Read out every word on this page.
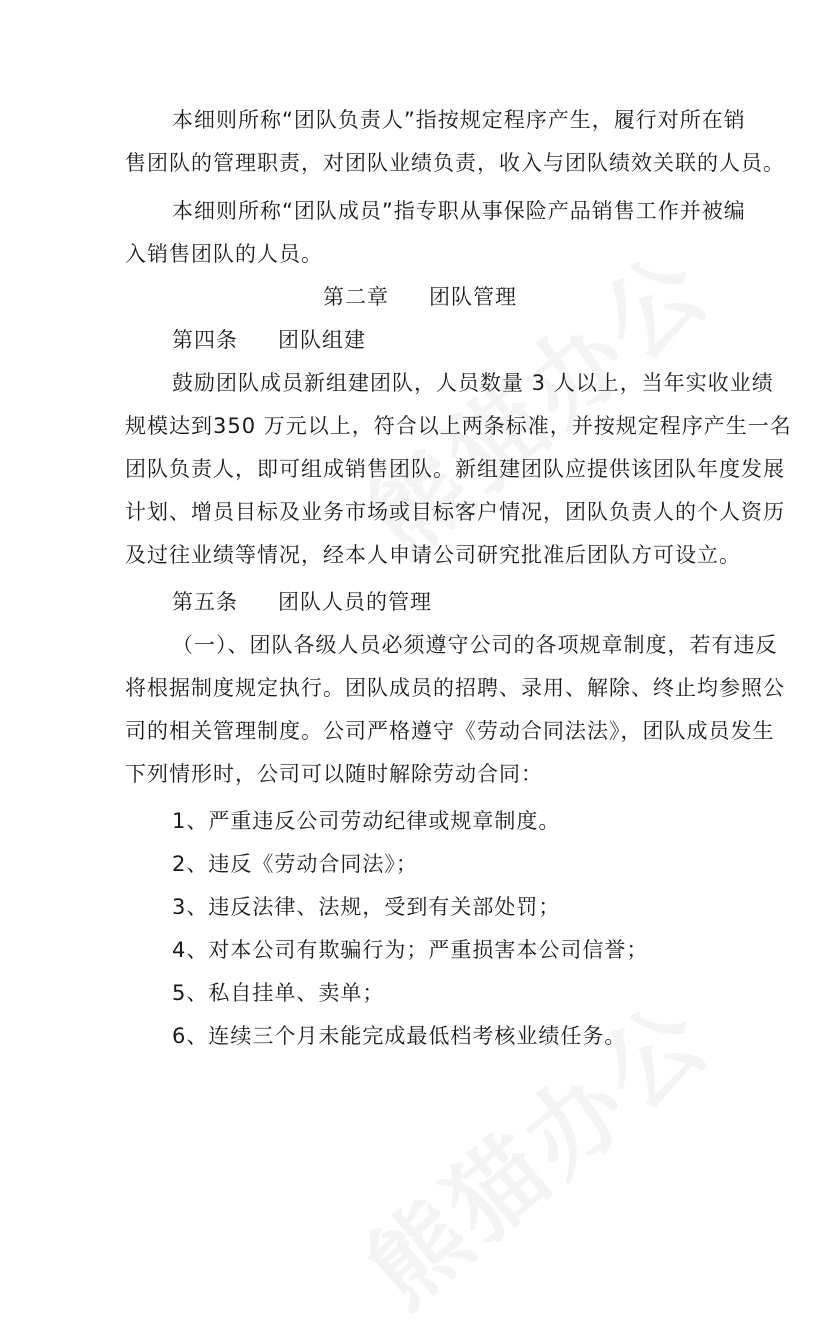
本细则所称“团队负责人”指按规定程序产生，履行对所在销
售团队的管理职责，对团队业绩负责，收入与团队绩效关联的人员。
本细则所称“团队成员”指专职从事保险产品销售工作并被编
入销售团队的人员。
第二章 团队管理
第四条 团队组建
鼓励团队成员新组建团队，人员数量 3 人以上，当年实收业绩
规模达到350 万元以上，符合以上两条标准，并按规定程序产生一名
团队负责人，即可组成销售团队。新组建团队应提供该团队年度发展
计划、增员目标及业务市场或目标客户情况，团队负责人的个人资历
及过往业绩等情况，经本人申请公司研究批准后团队方可设立。
第五条 团队人员的管理
（一）、团队各级人员必须遵守公司的各项规章制度，若有违反
将根据制度规定执行。团队成员的招聘、录用、解除、终止均参照公
司的相关管理制度。公司严格遵守《劳动合同法法》，团队成员发生
下列情形时，公司可以随时解除劳动合同：
1、严重违反公司劳动纪律或规章制度。
2、违反《劳动合同法》；
3、违反法律、法规，受到有关部处罚；
4、对本公司有欺骗行为；严重损害本公司信誉；
5、私自挂单、卖单；
6、连续三个月未能完成最低档考核业绩任务。
